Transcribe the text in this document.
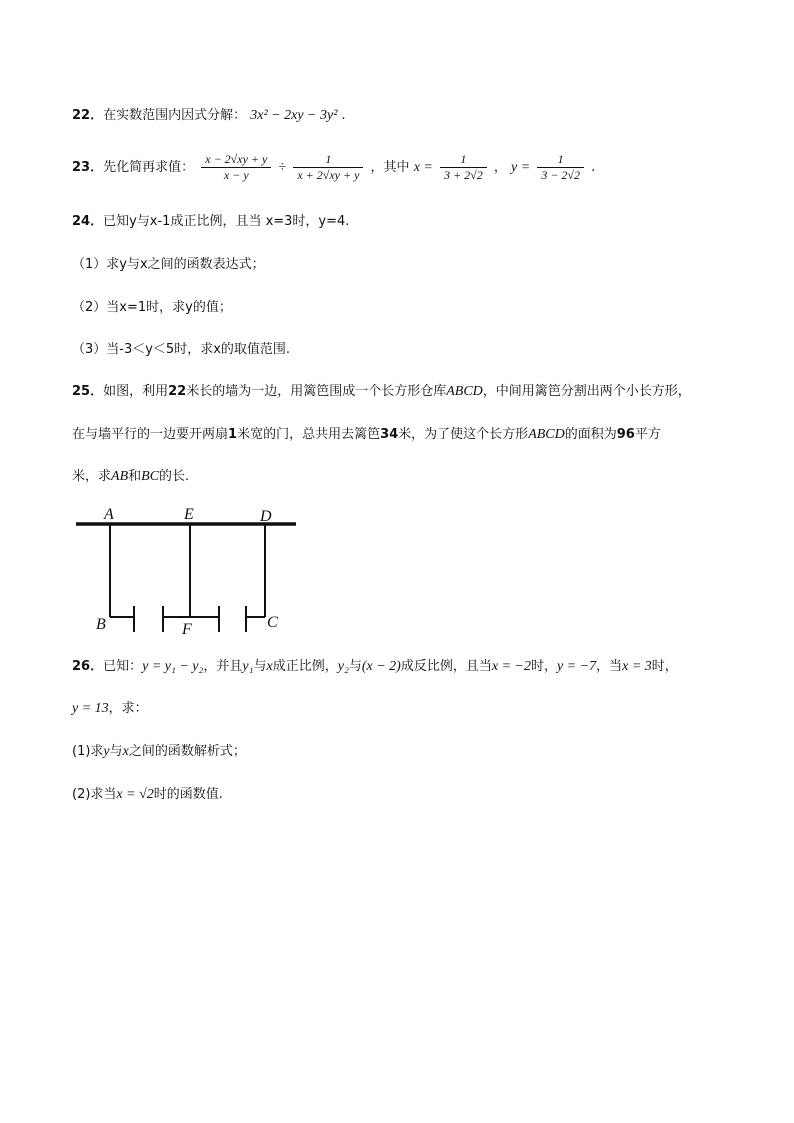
22．在实数范围内因式分解： 3x² − 2xy − 3y² .
23．先化简再求值： $\frac{x - 2√xy + y}{x - y} \div \frac{1}{x + 2√xy + y}$ ，其中 $x = \frac{1}{3 + 2√2}$ ， $y = \frac{1}{3 - 2√2}$ .
24．已知y与x-1成正比例，且当 x=3时，y=4.
（1）求y与x之间的函数表达式；
（2）当x=1时，求y的值；
（3）当-3＜y＜5时，求x的取值范围.
25．如图，利用22米长的墙为一边，用篱笆围成一个长方形仓库ABCD，中间用篱笆分割出两个小长方形，
在与墙平行的一边要开两扇1米宽的门，总共用去篱笆34米，为了使这个长方形ABCD的面积为96平方
米，求AB和BC的长.
A	E	D
B	F	C
26．已知：y = y₁ − y₂，并且y₁与x成正比例，y₂与(x − 2)成反比例，且当x = −2时，y = −7，当x = 3时，
y = 13，求：
(1)求y与x之间的函数解析式；
(2)求当x = √2时的函数值.
